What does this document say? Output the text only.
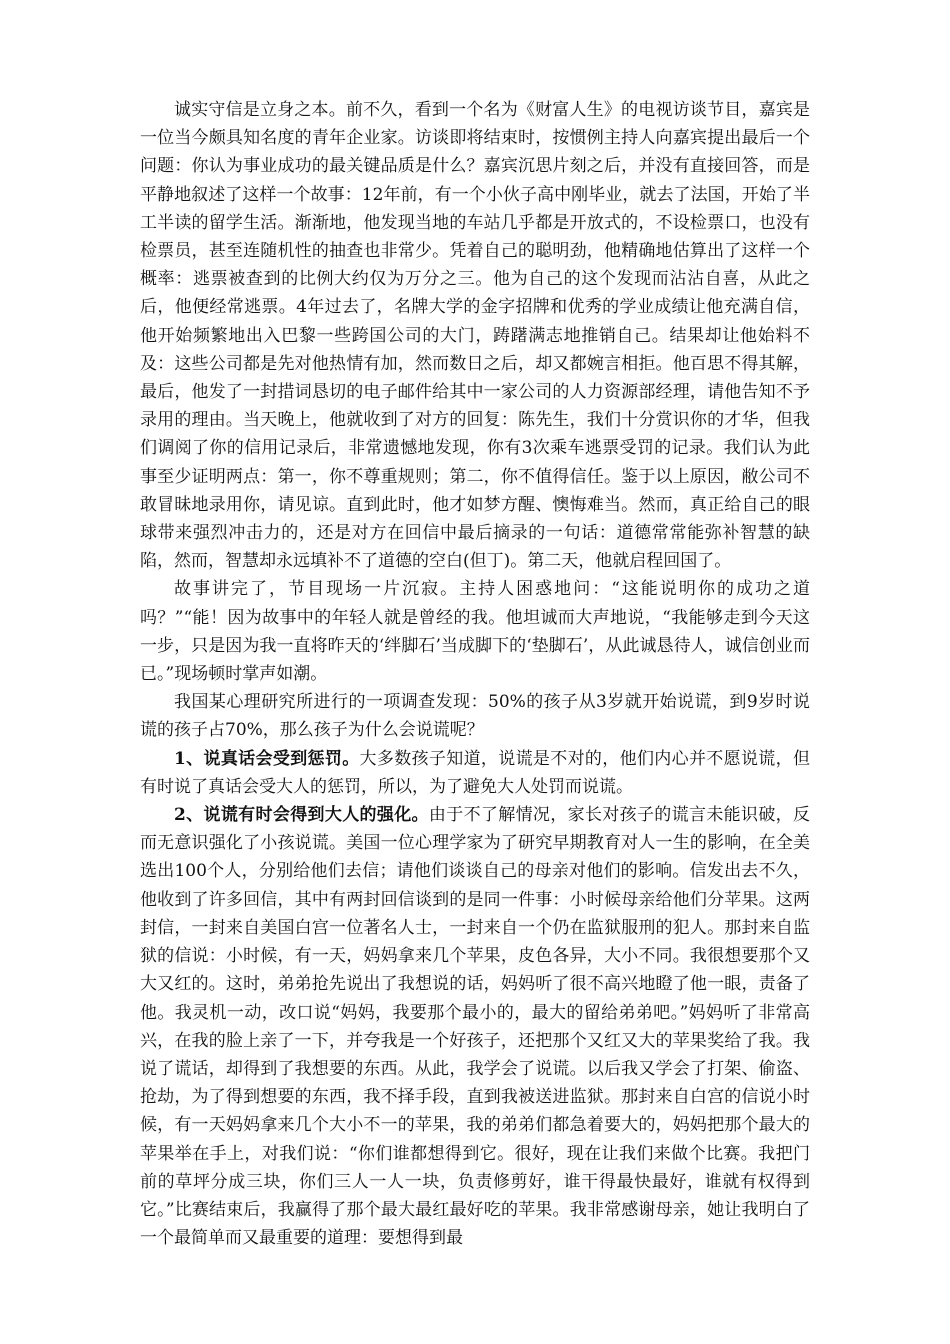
诚实守信是立身之本。前不久，看到一个名为《财富人生》的电视访谈节目，嘉宾是一位当今颇具知名度的青年企业家。访谈即将结束时，按惯例主持人向嘉宾提出最后一个问题：你认为事业成功的最关键品质是什么？嘉宾沉思片刻之后，并没有直接回答，而是平静地叙述了这样一个故事：12年前，有一个小伙子高中刚毕业，就去了法国，开始了半工半读的留学生活。渐渐地，他发现当地的车站几乎都是开放式的，不设检票口，也没有检票员，甚至连随机性的抽查也非常少。凭着自己的聪明劲，他精确地估算出了这样一个概率：逃票被查到的比例大约仅为万分之三。他为自己的这个发现而沾沾自喜，从此之后，他便经常逃票。4年过去了，名牌大学的金字招牌和优秀的学业成绩让他充满自信，他开始频繁地出入巴黎一些跨国公司的大门，踌躇满志地推销自己。结果却让他始料不及：这些公司都是先对他热情有加，然而数日之后，却又都婉言相拒。他百思不得其解，最后，他发了一封措词恳切的电子邮件给其中一家公司的人力资源部经理，请他告知不予录用的理由。当天晚上，他就收到了对方的回复：陈先生，我们十分赏识你的才华，但我们调阅了你的信用记录后，非常遗憾地发现，你有3次乘车逃票受罚的记录。我们认为此事至少证明两点：第一，你不尊重规则；第二，你不值得信任。鉴于以上原因，敝公司不敢冒昧地录用你，请见谅。直到此时，他才如梦方醒、懊悔难当。然而，真正给自己的眼球带来强烈冲击力的，还是对方在回信中最后摘录的一句话：道德常常能弥补智慧的缺陷，然而，智慧却永远填补不了道德的空白(但丁)。第二天，他就启程回国了。

故事讲完了，节目现场一片沉寂。主持人困惑地问：“这能说明你的成功之道吗？”“能！因为故事中的年轻人就是曾经的我。他坦诚而大声地说，“我能够走到今天这一步，只是因为我一直将昨天的‘绊脚石’当成脚下的‘垫脚石’，从此诚恳待人，诚信创业而已。”现场顿时掌声如潮。

我国某心理研究所进行的一项调查发现：50%的孩子从3岁就开始说谎，到9岁时说谎的孩子占70%，那么孩子为什么会说谎呢？

1、说真话会受到惩罚。大多数孩子知道，说谎是不对的，他们内心并不愿说谎，但有时说了真话会受大人的惩罚，所以，为了避免大人处罚而说谎。

2、说谎有时会得到大人的强化。由于不了解情况，家长对孩子的谎言未能识破，反而无意识强化了小孩说谎。美国一位心理学家为了研究早期教育对人一生的影响，在全美选出100个人，分别给他们去信；请他们谈谈自己的母亲对他们的影响。信发出去不久，他收到了许多回信，其中有两封回信谈到的是同一件事：小时候母亲给他们分苹果。这两封信，一封来自美国白宫一位著名人士，一封来自一个仍在监狱服刑的犯人。那封来自监狱的信说：小时候，有一天，妈妈拿来几个苹果，皮色各异，大小不同。我很想要那个又大又红的。这时，弟弟抢先说出了我想说的话，妈妈听了很不高兴地瞪了他一眼，责备了他。我灵机一动，改口说“妈妈，我要那个最小的，最大的留给弟弟吧。”妈妈听了非常高兴，在我的脸上亲了一下，并夸我是一个好孩子，还把那个又红又大的苹果奖给了我。我说了谎话，却得到了我想要的东西。从此，我学会了说谎。以后我又学会了打架、偷盗、抢劫，为了得到想要的东西，我不择手段，直到我被送进监狱。那封来自白宫的信说小时候，有一天妈妈拿来几个大小不一的苹果，我的弟弟们都急着要大的，妈妈把那个最大的苹果举在手上，对我们说：“你们谁都想得到它。很好，现在让我们来做个比赛。我把门前的草坪分成三块，你们三人一人一块，负责修剪好，谁干得最快最好，谁就有权得到它。”比赛结束后，我赢得了那个最大最红最好吃的苹果。我非常感谢母亲，她让我明白了一个最简单而又最重要的道理：要想得到最
